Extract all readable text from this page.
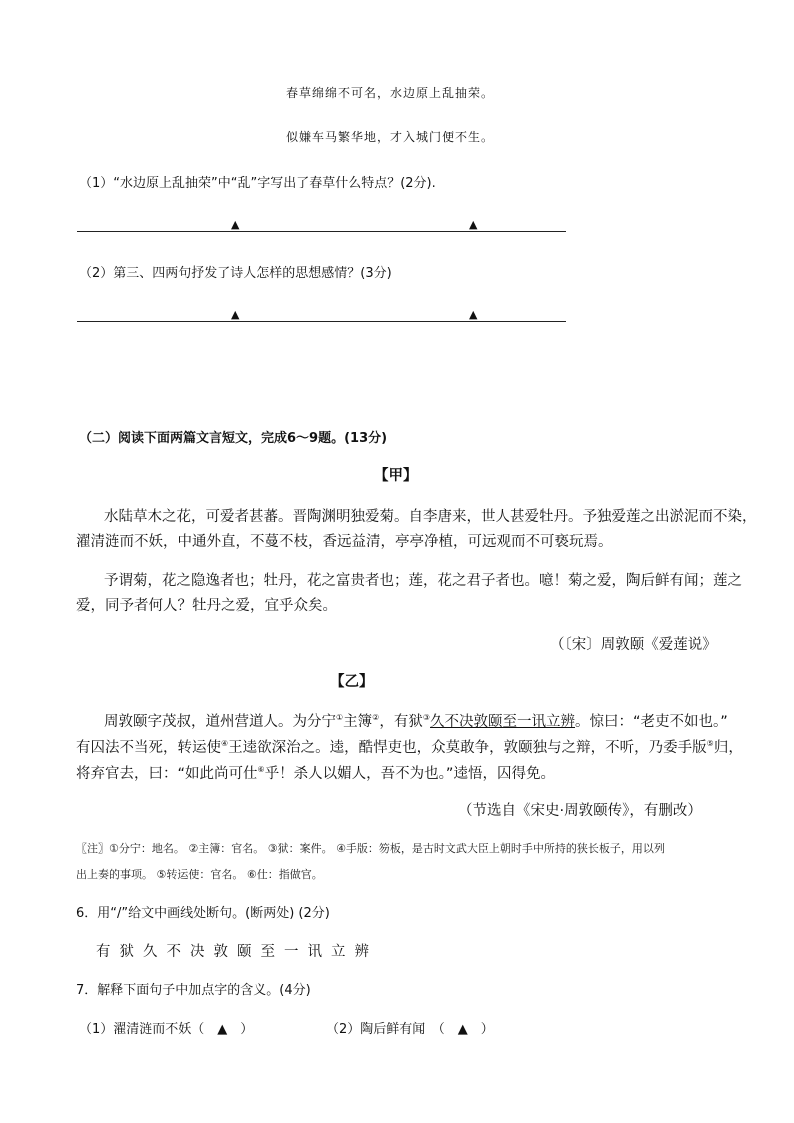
春草绵绵不可名，水边原上乱抽荣。
似嫌车马繁华地，才入城门便不生。
（1）“水边原上乱抽荣”中“乱”字写出了春草什么特点？(2分).
▲	▲
（2）第三、四两句抒发了诗人怎样的思想感情？(3分)
▲	▲
（二）阅读下面两篇文言短文，完成6～9题。(13分)
【甲】
水陆草木之花，可爱者甚蕃。晋陶渊明独爱菊。自李唐来，世人甚爱牡丹。予独爱莲之出淤泥而不染，
濯清涟而不妖，中通外直，不蔓不枝，香远益清，亭亭净植，可远观而不可亵玩焉。
予谓菊，花之隐逸者也；牡丹，花之富贵者也；莲，花之君子者也。噫！菊之爱，陶后鲜有闻；莲之
爱，同予者何人？牡丹之爱，宜乎众矣。
（〔宋〕周敦颐《爱莲说》
【乙】
周敦颐字茂叔，道州营道人。为分宁①主簿②，有狱③久不决敦颐至一讯立辨。惊曰：“老吏不如也。”
有囚法不当死，转运使④王逵欲深治之。逵，酷悍吏也，众莫敢争，敦颐独与之辩，不听，乃委手版⑤归，
将弃官去，曰：“如此尚可仕⑥乎！杀人以媚人，吾不为也。”逵悟，囚得免。
（节选自《宋史·周敦颐传》，有删改）
〖注〗①分宁：地名。 ②主簿：官名。 ③狱：案件。 ④手版：笏板，是古时文武大臣上朝时手中所持的狭长板子，用以列
出上奏的事项。 ⑤转运使：官名。 ⑥仕：指做官。
6．用“/”给文中画线处断句。(断两处) (2分)
有狱久不决敦颐至一讯立辨
7．解释下面句子中加点字的含义。(4分)
（1）濯清涟而不妖（　▲　）	（2）陶后鲜有闻　（　▲　）
